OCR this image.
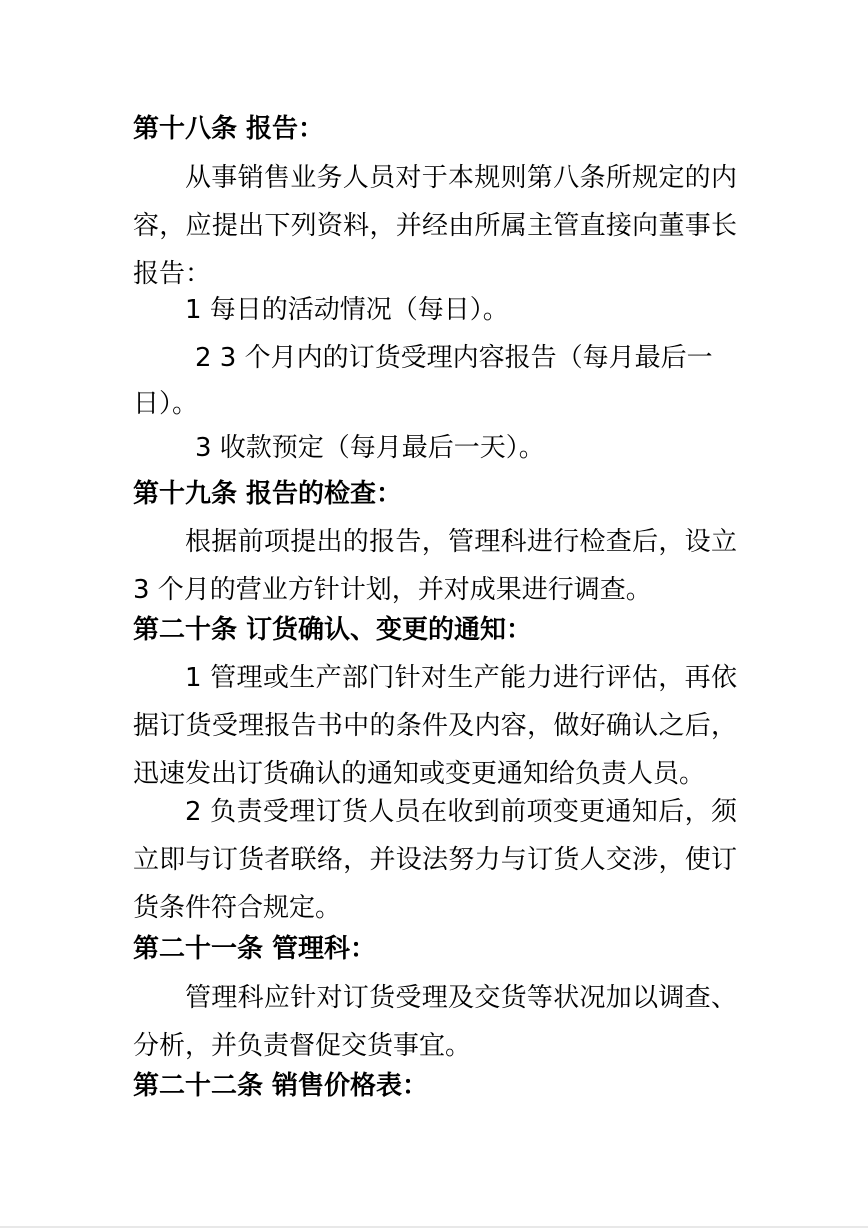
第十八条 报告：
从事销售业务人员对于本规则第八条所规定的内容，应提出下列资料，并经由所属主管直接向董事长报告：
1 每日的活动情况（每日）。
2 3 个月内的订货受理内容报告（每月最后一
日）。
3 收款预定（每月最后一天）。
第十九条 报告的检查：
根据前项提出的报告，管理科进行检查后，设立 3 个月的营业方针计划，并对成果进行调查。
第二十条 订货确认、变更的通知：
1 管理或生产部门针对生产能力进行评估，再依据订货受理报告书中的条件及内容，做好确认之后，迅速发出订货确认的通知或变更通知给负责人员。
2 负责受理订货人员在收到前项变更通知后，须立即与订货者联络，并设法努力与订货人交涉，使订货条件符合规定。
第二十一条 管理科：
管理科应针对订货受理及交货等状况加以调查、分析，并负责督促交货事宜。
第二十二条 销售价格表：
